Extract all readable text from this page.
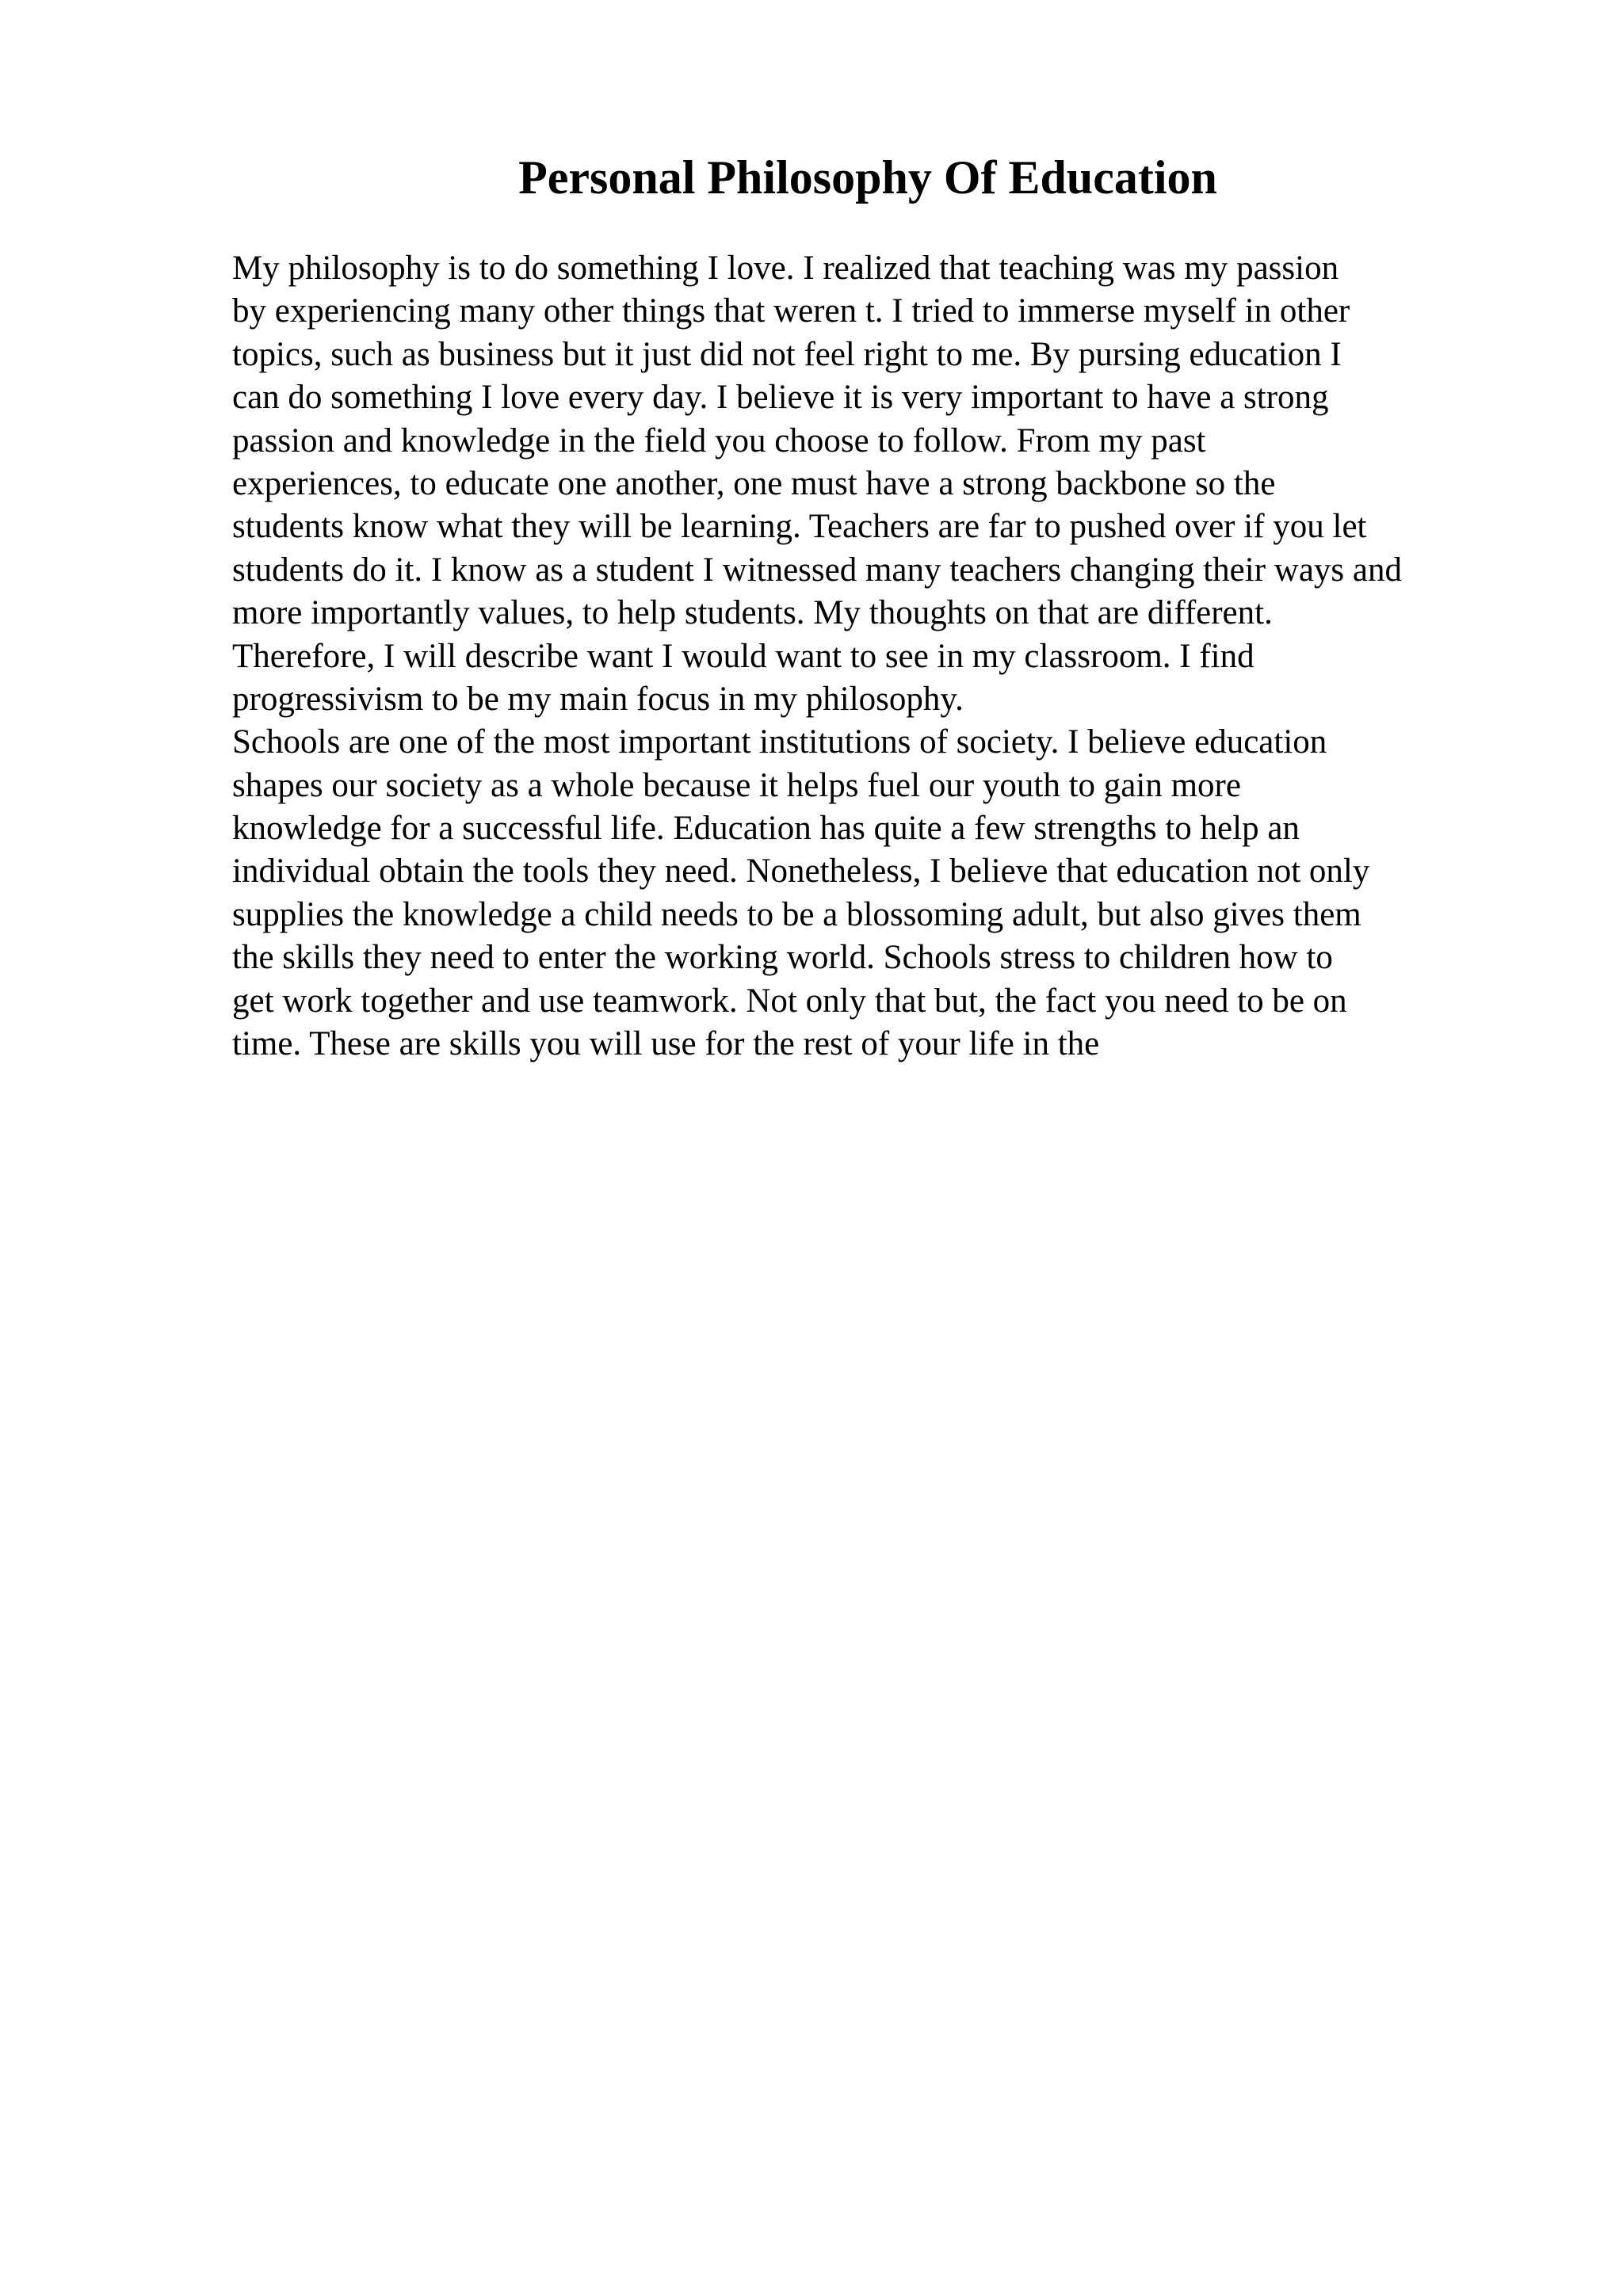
Personal Philosophy Of Education
My philosophy is to do something I love. I realized that teaching was my passion
by experiencing many other things that weren t. I tried to immerse myself in other
topics, such as business but it just did not feel right to me. By pursing education I
can do something I love every day. I believe it is very important to have a strong
passion and knowledge in the field you choose to follow. From my past
experiences, to educate one another, one must have a strong backbone so the
students know what they will be learning. Teachers are far to pushed over if you let
students do it. I know as a student I witnessed many teachers changing their ways and
more importantly values, to help students. My thoughts on that are different.
Therefore, I will describe want I would want to see in my classroom. I find
progressivism to be my main focus in my philosophy.
Schools are one of the most important institutions of society. I believe education
shapes our society as a whole because it helps fuel our youth to gain more
knowledge for a successful life. Education has quite a few strengths to help an
individual obtain the tools they need. Nonetheless, I believe that education not only
supplies the knowledge a child needs to be a blossoming adult, but also gives them
the skills they need to enter the working world. Schools stress to children how to
get work together and use teamwork. Not only that but, the fact you need to be on
time. These are skills you will use for the rest of your life in the
